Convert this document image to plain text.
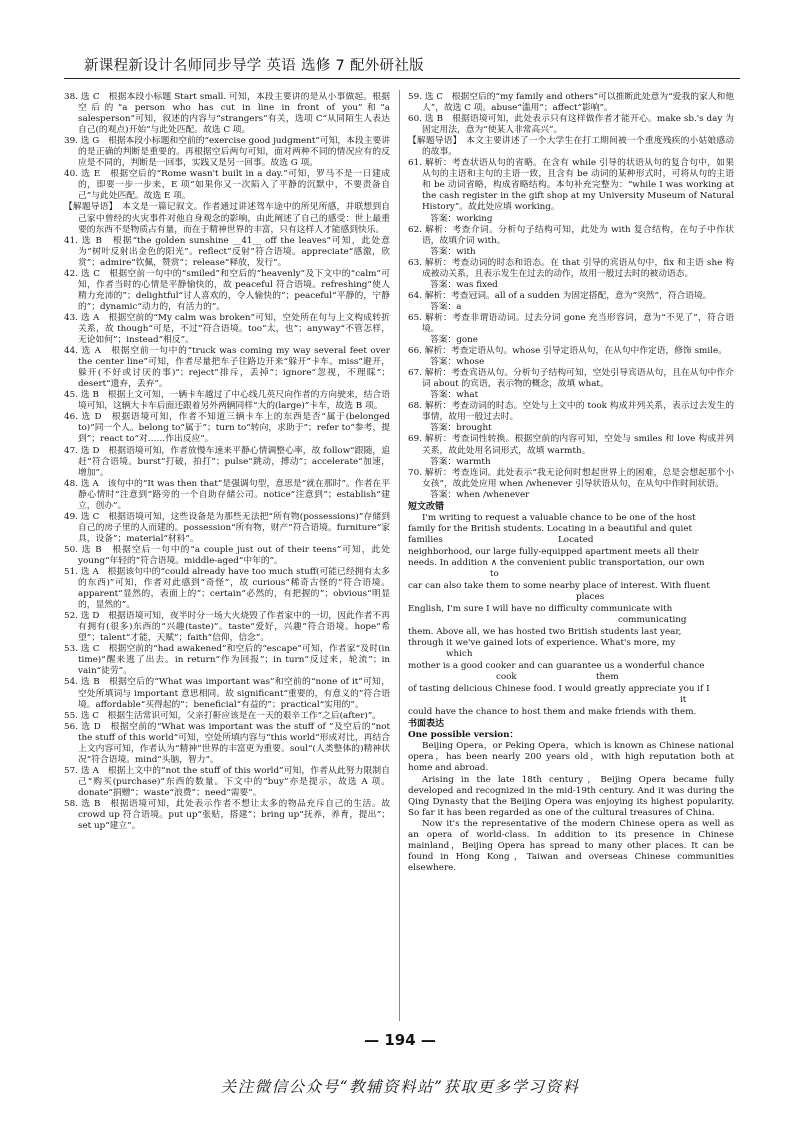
新课程新设计名师同步导学 英语 选修 7 配外研社版

38. 选 C　根据本段小标题 Start small. 可知，本段主要讲的是从小事做起。根据空后的“a person who has cut in line in front of you”和“a salesperson”可知，叙述的内容与“strangers”有关，选项 C“从同陌生人表达自己(的观点)开始”与此处匹配。故选 C 项。

39. 选 G　根据本段小标题和空前的“exercise good judgment”可知，本段主要讲的是正确的判断是重要的。再根据空后两句可知，面对两种不同的情况应有的反应是不同的，判断是一回事，实践又是另一回事。故选 G 项。

40. 选 E　根据空后的“Rome wasn't built in a day.”可知，罗马不是一日建成的，即要一步一步来，E 项“如果你又一次陷入了平静的沉默中，不要责备自己”与此处匹配。故选 E 项。

【解题导语】　本文是一篇记叙文。作者通过讲述驾车途中的所见所感，并联想到自己家中曾经的火灾事件对他自身观念的影响，由此阐述了自己的感受：世上最重要的东西不是物质占有量，而在于精神世界的丰富，只有这样人才能感到快乐。

41. 选 B　根据“the golden sunshine __41__ off the leaves”可知，此处意为“树叶反射出金色的阳光”。reflect“反射”符合语境。appreciate“感激，欣赏”；admire“钦佩，赞赏”；release“释放，发行”。

42. 选 C　根据空前一句中的“smiled”和空后的“heavenly”及下文中的“calm”可知，作者当时的心情是平静愉快的，故 peaceful 符合语境。refreshing“使人精力充沛的”；delightful“讨人喜欢的，令人愉快的”；peaceful“平静的，宁静的”；dynamic“动力的，有活力的”。

43. 选 A　根据空前的“My calm was broken”可知，空处所在句与上文构成转折关系，故 though“可是，不过”符合语境。too“太，也”；anyway“不管怎样，无论如何”；instead“相反”。

44. 选 A　根据空前一句中的“truck was coming my way several feet over the center line”可知，作者尽量把车子往路边开来“躲开”卡车。miss“避开，躲开(不好或讨厌的事)”；reject“排斥，丢掉”；ignore“忽视，不理睬”；desert“遗弃，丢弃”。

45. 选 B　根据上文可知，一辆卡车越过了中心线几英尺向作者的方向驶来，结合语境可知，这辆大卡车后面还跟着另外两辆同样“大的(large)”卡车，故选 B 项。

46. 选 D　根据语境可知，作者不知道三辆卡车上的东西是否“属于(belonged to)”同一个人。belong to“属于”；turn to“转向，求助于”；refer to“参考，提到”；react to“对……作出反应”。

47. 选 D　根据语境可知，作者放慢车速来平静心情调整心率，故 follow“跟随，追赶”符合语境。burst“打破，拍打”；pulse“跳动，搏动”；accelerate“加速，增加”。

48. 选 A　该句中的“It was then that”是强调句型，意思是“就在那时”。作者在平静心情时“注意到”路旁的一个自助存储公司。notice“注意到”；establish“建立，创办”。

49. 选 C　根据语境可知，这些设备是为那些无法把“所有物(possessions)”存储到自己的房子里的人而建的。possession“所有物，财产”符合语境。furniture“家具，设备”；material“材料”。

50. 选 B　根据空后一句中的“a couple just out of their teens”可知，此处 young“年轻的”符合语境。middle-aged“中年的”。

51. 选 A　根据该句中的“could already have too much stuff(可能已经拥有太多的东西)”可知，作者对此感到“奇怪”，故 curious“稀奇古怪的”符合语境。apparent“显然的，表面上的”；certain“必然的，有把握的”；obvious“明显的，显然的”。

52. 选 D　根据语境可知，夜半时分一场大火烧毁了作者家中的一切，因此作者不再有拥有(很多)东西的“兴趣(taste)”。taste“爱好，兴趣”符合语境。hope“希望”；talent“才能，天赋”；faith“信仰，信念”。

53. 选 C　根据空前的“had awakened”和空后的“escape”可知，作者家“及时(in time)”醒来逃了出去。in return“作为回报”；in turn“反过来，轮流”；in vain“徒劳”。

54. 选 B　根据空后的“What was important was”和空前的“none of it”可知，空处所填词与 important 意思相同。故 significant“重要的，有意义的”符合语境。affordable“买得起的”；beneficial“有益的”；practical“实用的”。

55. 选 C　根据生活常识可知，父亲打鼾应该是在一天的艰辛工作“之后(after)”。

56. 选 D　根据空前的“What was important was the stuff of ”及空后的“not the stuff of this world”可知，空处所填内容与“this world”形成对比，再结合上文内容可知，作者认为“精神”世界的丰富更为重要。soul“(人类整体的)精神状况”符合语境。mind“头脑，智力”。

57. 选 A　根据上文中的“not the stuff of this world”可知，作者从此努力限制自己“购买(purchase)”东西的数量。下文中的“buy”亦是提示，故选 A 项。donate“捐赠”；waste“浪费”；need“需要”。

58. 选 B　根据语境可知，此处表示作者不想让太多的物品充斥自己的生活。故 crowd up 符合语境。put up“张贴，搭建”；bring up“抚养，养育，提出”；set up“建立”。

59. 选 C　根据空后的“my family and others”可以推断此处意为“爱我的家人和他人”，故选 C 项。abuse“滥用”；affect“影响”。

60. 选 B　根据语境可知，此处表示只有这样做作者才能开心。make sb.'s day 为固定用法，意为“使某人非常高兴”。

【解题导语】　本文主要讲述了一个大学生在打工期间被一个重度残疾的小姑娘感动的故事。

61. 解析：考查状语从句的省略。在含有 while 引导的状语从句的复合句中，如果从句的主语和主句的主语一致，且含有 be 动词的某种形式时，可将从句的主语和 be 动词省略，构成省略结构。本句补充完整为：“while I was working at the cash register in the gift shop at my University Museum of Natural History”。故此处应填 working。

答案：working

62. 解析：考查介词。分析句子结构可知，此处为 with 复合结构，在句子中作状语，故填介词 with。

答案：with

63. 解析：考查动词的时态和语态。在 that 引导的宾语从句中，fix 和主语 she 构成被动关系，且表示发生在过去的动作，故用一般过去时的被动语态。

答案：was fixed

64. 解析：考查冠词。all of a sudden 为固定搭配，意为“突然”，符合语境。

答案：a

65. 解析：考查非谓语动词。过去分词 gone 充当形容词，意为“不见了”，符合语境。

答案：gone

66. 解析：考查定语从句。whose 引导定语从句，在从句中作定语，修饰 smile。

答案：whose

67. 解析：考查宾语从句。分析句子结构可知，空处引导宾语从句，且在从句中作介词 about 的宾语，表示物的概念，故填 what。

答案：what

68. 解析：考查动词的时态。空处与上文中的 took 构成并列关系，表示过去发生的事情，故用一般过去时。

答案：brought

69. 解析：考查词性转换。根据空前的内容可知，空处与 smiles 和 love 构成并列关系，故此处用名词形式，故填 warmth。

答案：warmth

70. 解析：考查连词。此处表示“我无论何时想起世界上的困难，总是会想起那个小女孩”，故此处应用 when /whenever 引导状语从句，在从句中作时间状语。

答案：when /whenever

短文改错

I'm writing to request a valuable chance to be one of the host

family for the British students. Locating in a beautiful and quiet

families	Located

neighborhood, our large fully-equipped apartment meets all their

needs. In addition ∧ the convenient public transportation, our own

to

car can also take them to some nearby place of interest. With fluent

places

English, I'm sure I will have no difficulty communicate with

communicating

them. Above all, we has hosted two British students last year,

through it we've gained lots of experience. What's more, my

which

mother is a good cooker and can guarantee us a wonderful chance

cook	them

of tasting delicious Chinese food. I would greatly appreciate you if I

it

could have the chance to host them and make friends with them.

书面表达

One possible version：

Beijing Opera，or Peking Opera，which is known as Chinese national opera，has been nearly 200 years old，with high reputation both at home and abroad.

Arising in the late 18th century，Beijing Opera became fully developed and recognized in the mid-19th century. And it was during the Qing Dynasty that the Beijing Opera was enjoying its highest popularity. So far it has been regarded as one of the cultural treasures of China.

Now it's the representative of the modern Chinese opera as well as an opera of world-class. In addition to its presence in Chinese mainland，Beijing Opera has spread to many other places. It can be found in Hong Kong，Taiwan and overseas Chinese communities elsewhere.

— 194 —
关注微信公众号“教辅资料站”获取更多学习资料
